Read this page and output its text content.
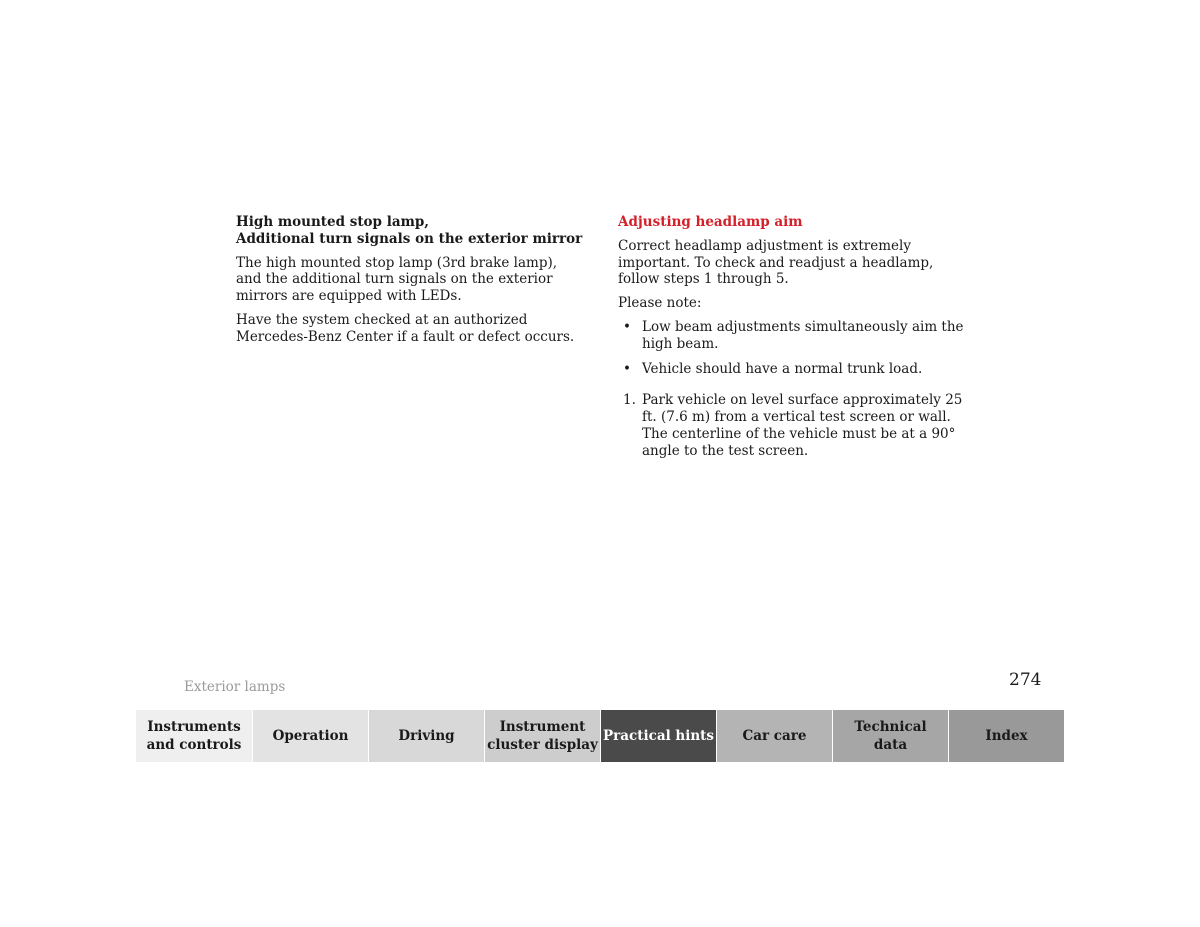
High mounted stop lamp,
Additional turn signals on the exterior mirror

The high mounted stop lamp (3rd brake lamp), and the additional turn signals on the exterior mirrors are equipped with LEDs.

Have the system checked at an authorized Mercedes-Benz Center if a fault or defect occurs.

Adjusting headlamp aim

Correct headlamp adjustment is extremely important. To check and readjust a headlamp, follow steps 1 through 5.

Please note:

• Low beam adjustments simultaneously aim the high beam.
• Vehicle should have a normal trunk load.
1. Park vehicle on level surface approximately 25 ft. (7.6 m) from a vertical test screen or wall. The centerline of the vehicle must be at a 90° angle to the test screen.
Exterior lamps	274
Instruments
and controls
Operation	Driving
Instrument
cluster display
Practical hints	Car care
Technical
data
Index
